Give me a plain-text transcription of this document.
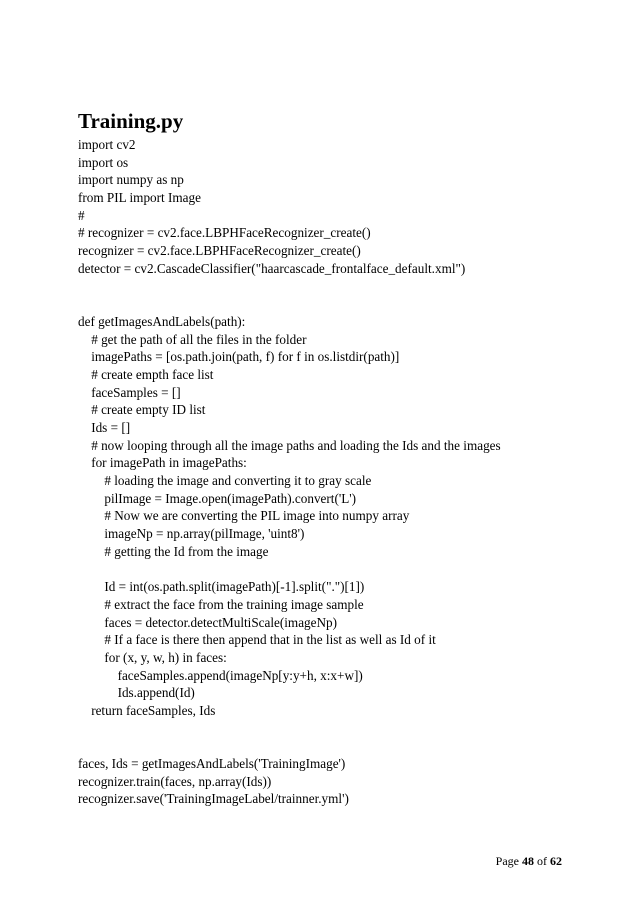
Training.py
import cv2
import os
import numpy as np
from PIL import Image
#
# recognizer = cv2.face.LBPHFaceRecognizer_create()
recognizer = cv2.face.LBPHFaceRecognizer_create()
detector = cv2.CascadeClassifier("haarcascade_frontalface_default.xml")
def getImagesAndLabels(path):
# get the path of all the files in the folder
imagePaths = [os.path.join(path, f) for f in os.listdir(path)]
# create empth face list
faceSamples = []
# create empty ID list
Ids = []
# now looping through all the image paths and loading the Ids and the images
for imagePath in imagePaths:
# loading the image and converting it to gray scale
pilImage = Image.open(imagePath).convert('L')
# Now we are converting the PIL image into numpy array
imageNp = np.array(pilImage, 'uint8')
# getting the Id from the image
Id = int(os.path.split(imagePath)[-1].split(".")[1])
# extract the face from the training image sample
faces = detector.detectMultiScale(imageNp)
# If a face is there then append that in the list as well as Id of it
for (x, y, w, h) in faces:
faceSamples.append(imageNp[y:y+h, x:x+w])
Ids.append(Id)
return faceSamples, Ids
faces, Ids = getImagesAndLabels('TrainingImage')
recognizer.train(faces, np.array(Ids))
recognizer.save('TrainingImageLabel/trainner.yml')
Page 48 of 62
